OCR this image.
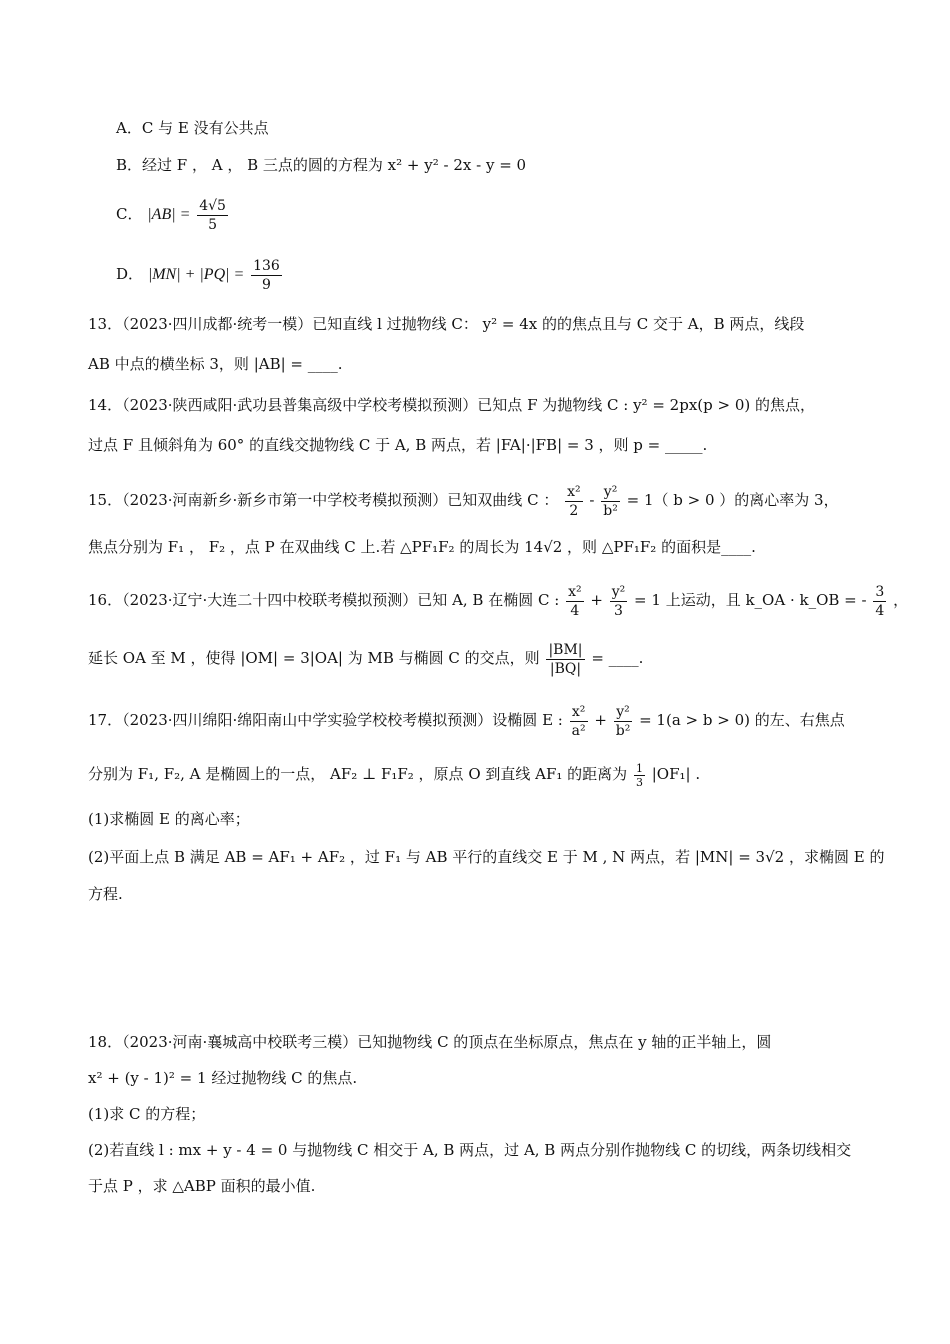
A．C 与 E 没有公共点
B．经过 F ， A ， B 三点的圆的方程为 x² + y² - 2x - y = 0
C． $|AB| = \frac{4√5}{5}$
D． $|MN| + |PQ| = \frac{136}{9}$
13．（2023·四川成都·统考一模）已知直线 l 过抛物线 C： y² = 4x 的的焦点且与 C 交于 A，B 两点，线段
AB 中点的横坐标 3，则 |AB| = ____.
14．（2023·陕西咸阳·武功县普集高级中学校考模拟预测）已知点 F 为抛物线 C : y² = 2px(p > 0) 的焦点，
过点 F 且倾斜角为 60° 的直线交抛物线 C 于 A, B 两点，若 |FA|·|FB| = 3 ，则 p = _____.
15．（2023·河南新乡·新乡市第一中学校考模拟预测）已知双曲线 C ： $\frac{\text{x²}}{2} - \frac{\text{y²}}{\text{b²}} = 1$（ b > 0 ）的离心率为 3，
焦点分别为 F₁ ， F₂ ，点 P 在双曲线 C 上.若 △PF₁F₂ 的周长为 14√2 ，则 △PF₁F₂ 的面积是____.
16．（2023·辽宁·大连二十四中校联考模拟预测）已知 A, B 在椭圆 C : $\frac{\text{x²}}{4} + \frac{\text{y²}}{3} = 1$ 上运动，且 k_OA · k_OB = - $\frac{3}{4}$ ，
延长 OA 至 M ，使得 |OM| = 3|OA| 为 MB 与椭圆 C 的交点，则 $\frac{|BM|}{|BQ|}$ = ____.
17．（2023·四川绵阳·绵阳南山中学实验学校校考模拟预测）设椭圆 E : $\frac{\text{x²}}{\text{a²}} + \frac{\text{y²}}{\text{b²}} = 1(a > b > 0)$ 的左、右焦点
分别为 F₁, F₂, A 是椭圆上的一点， AF₂ ⊥ F₁F₂ ，原点 O 到直线 AF₁ 的距离为 $\frac{1}{3} |OF_1|$ .
(1)求椭圆 E 的离心率；
(2)平面上点 B 满足 AB = AF₁ + AF₂ ，过 F₁ 与 AB 平行的直线交 E 于 M , N 两点，若 |MN| = 3√2 ，求椭圆 E 的
方程.
18．（2023·河南·襄城高中校联考三模）已知抛物线 C 的顶点在坐标原点，焦点在 y 轴的正半轴上，圆
x² + (y - 1)² = 1 经过抛物线 C 的焦点.
(1)求 C 的方程；
(2)若直线 l : mx + y - 4 = 0 与抛物线 C 相交于 A, B 两点，过 A, B 两点分别作抛物线 C 的切线，两条切线相交
于点 P ，求 △ABP 面积的最小值.
